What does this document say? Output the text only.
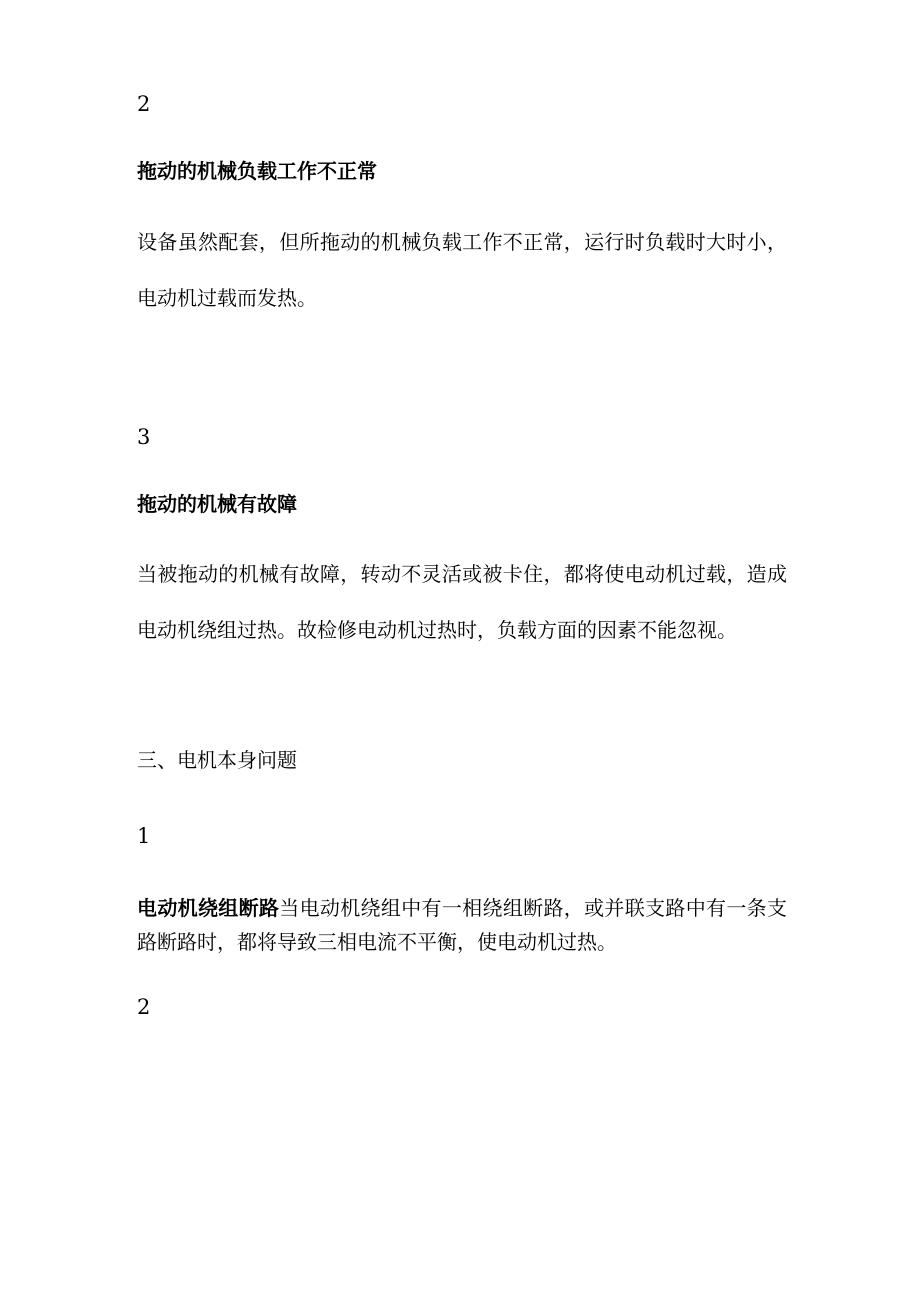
2

拖动的机械负载工作不正常

设备虽然配套，但所拖动的机械负载工作不正常，运行时负载时大时小，电动机过载而发热。

3

拖动的机械有故障

当被拖动的机械有故障，转动不灵活或被卡住，都将使电动机过载，造成电动机绕组过热。故检修电动机过热时，负载方面的因素不能忽视。

三、电机本身问题

1

电动机绕组断路当电动机绕组中有一相绕组断路，或并联支路中有一条支路断路时，都将导致三相电流不平衡，使电动机过热。

2
